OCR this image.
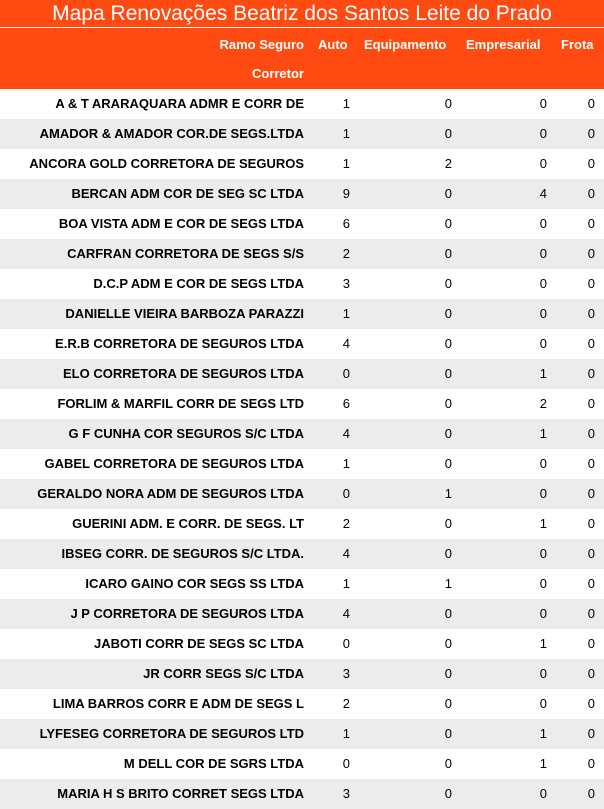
Mapa Renovações Beatriz dos Santos Leite do Prado
Ramo Seguro
Corretor
Auto Equipamento Empresarial Frota
A & T ARARAQUARA ADMR E CORR DE	1	0	0	0
AMADOR & AMADOR COR.DE SEGS.LTDA	1	0	0	0
ANCORA GOLD CORRETORA DE SEGUROS	1	2	0	0
BERCAN ADM COR DE SEG SC LTDA	9	0	4	0
BOA VISTA ADM E COR DE SEGS LTDA	6	0	0	0
CARFRAN CORRETORA DE SEGS S/S	2	0	0	0
D.C.P ADM E COR DE SEGS LTDA	3	0	0	0
DANIELLE VIEIRA BARBOZA PARAZZI	1	0	0	0
E.R.B CORRETORA DE SEGUROS LTDA	4	0	0	0
ELO CORRETORA DE SEGUROS LTDA	0	0	1	0
FORLIM & MARFIL CORR DE SEGS LTD	6	0	2	0
G F CUNHA COR SEGUROS S/C LTDA	4	0	1	0
GABEL CORRETORA DE SEGUROS LTDA	1	0	0	0
GERALDO NORA ADM DE SEGUROS LTDA	0	1	0	0
GUERINI ADM. E CORR. DE SEGS. LT	2	0	1	0
IBSEG CORR. DE SEGUROS S/C LTDA.	4	0	0	0
ICARO GAINO COR SEGS SS LTDA	1	1	0	0
J P CORRETORA DE SEGUROS LTDA	4	0	0	0
JABOTI CORR DE SEGS SC LTDA	0	0	1	0
JR CORR SEGS S/C LTDA	3	0	0	0
LIMA BARROS CORR E ADM DE SEGS L	2	0	0	0
LYFESEG CORRETORA DE SEGUROS LTD	1	0	1	0
M DELL COR DE SGRS LTDA	0	0	1	0
MARIA H S BRITO CORRET SEGS LTDA	3	0	0	0
